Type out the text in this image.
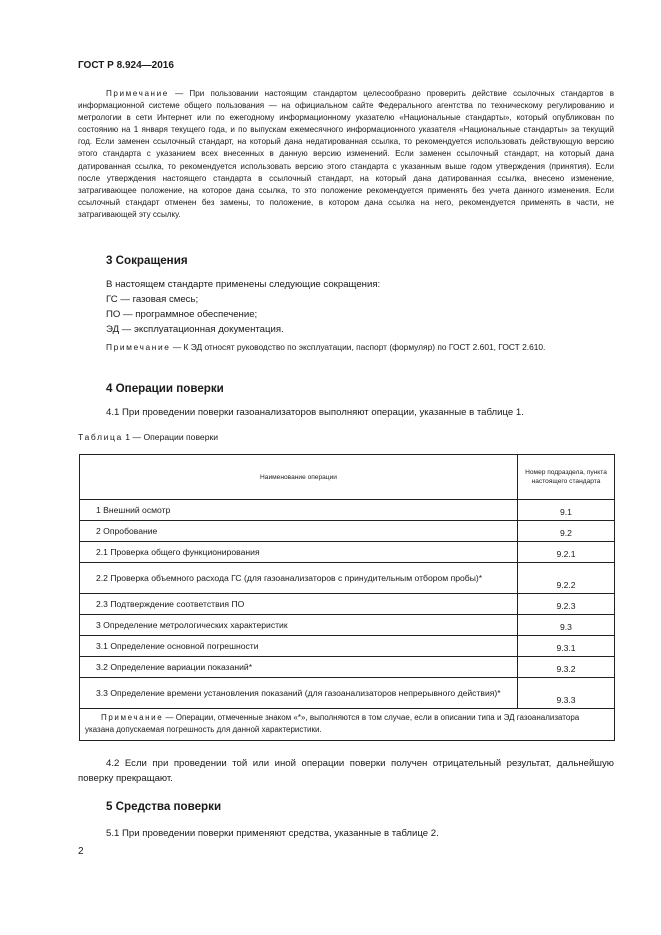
ГОСТ Р 8.924—2016
Примечание — При пользовании настоящим стандартом целесообразно проверить действие ссылочных стандартов в информационной системе общего пользования — на официальном сайте Федерального агентства по техническому регулированию и метрологии в сети Интернет или по ежегодному информационному указателю «Национальные стандарты», который опубликован по состоянию на 1 января текущего года, и по выпускам ежемесячного информационного указателя «Национальные стандарты» за текущий год. Если заменен ссылочный стандарт, на который дана недатированная ссылка, то рекомендуется использовать действующую версию этого стандарта с указанием всех внесенных в данную версию изменений. Если заменен ссылочный стандарт, на который дана датированная ссылка, то рекомендуется использовать версию этого стандарта с указанным выше годом утверждения (принятия). Если после утверждения настоящего стандарта в ссылочный стандарт, на который дана датированная ссылка, внесено изменение, затрагивающее положение, на которое дана ссылка, то это положение рекомендуется применять без учета данного изменения. Если ссылочный стандарт отменен без замены, то положение, в котором дана ссылка на него, рекомендуется применять в части, не затрагивающей эту ссылку.
3 Сокращения
В настоящем стандарте применены следующие сокращения:
ГС — газовая смесь;
ПО — программное обеспечение;
ЭД — эксплуатационная документация.
Примечание — К ЭД относят руководство по эксплуатации, паспорт (формуляр) по ГОСТ 2.601, ГОСТ 2.610.
4 Операции поверки
4.1 При проведении поверки газоанализаторов выполняют операции, указанные в таблице 1.
Таблица 1 — Операции поверки
Наименование операции	Номер подраздела, пункта настоящего стандарта
1 Внешний осмотр	9.1
2 Опробование	9.2
2.1 Проверка общего функционирования	9.2.1
2.2 Проверка объемного расхода ГС (для газоанализаторов с принудительным отбором пробы)*	9.2.2
2.3 Подтверждение соответствия ПО	9.2.3
3 Определение метрологических характеристик	9.3
3.1 Определение основной погрешности	9.3.1
3.2 Определение вариации показаний*	9.3.2
3.3 Определение времени установления показаний (для газоанализаторов непрерывного действия)*	9.3.3
Примечание — Операции, отмеченные знаком «*», выполняются в том случае, если в описании типа и ЭД газоанализатора указана допускаемая погрешность для данной характеристики.	
4.2 Если при проведении той или иной операции поверки получен отрицательный результат, дальнейшую поверку прекращают.
5 Средства поверки
5.1 При проведении поверки применяют средства, указанные в таблице 2.
2
